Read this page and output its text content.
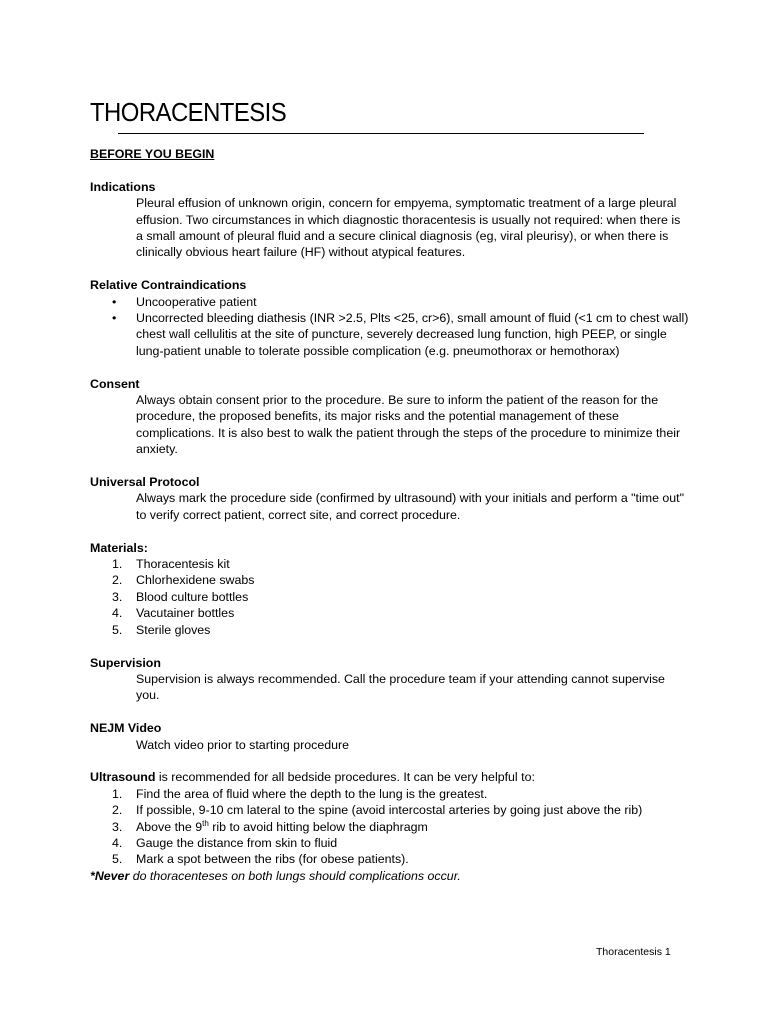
THORACENTESIS

BEFORE YOU BEGIN

Indications

Pleural effusion of unknown origin, concern for empyema, symptomatic treatment of a large pleural effusion. Two circumstances in which diagnostic thoracentesis is usually not required: when there is a small amount of pleural fluid and a secure clinical diagnosis (eg, viral pleurisy), or when there is clinically obvious heart failure (HF) without atypical features.

Relative Contraindications

• Uncooperative patient
• Uncorrected bleeding diathesis (INR >2.5, Plts <25, cr>6), small amount of fluid (<1 cm to chest wall) chest wall cellulitis at the site of puncture, severely decreased lung function, high PEEP, or single lung-patient unable to tolerate possible complication (e.g. pneumothorax or hemothorax)

Consent

Always obtain consent prior to the procedure. Be sure to inform the patient of the reason for the procedure, the proposed benefits, its major risks and the potential management of these complications. It is also best to walk the patient through the steps of the procedure to minimize their anxiety.

Universal Protocol

Always mark the procedure side (confirmed by ultrasound) with your initials and perform a "time out" to verify correct patient, correct site, and correct procedure.

Materials:

1.	Thoracentesis kit
2.	Chlorhexidene swabs
3.	Blood culture bottles
4.	Vacutainer bottles
5.	Sterile gloves

Supervision

Supervision is always recommended. Call the procedure team if your attending cannot supervise you.

NEJM Video

Watch video prior to starting procedure

Ultrasound is recommended for all bedside procedures. It can be very helpful to:

1.	Find the area of fluid where the depth to the lung is the greatest.
2.	If possible, 9-10 cm lateral to the spine (avoid intercostal arteries by going just above the rib)
3.	Above the 9th rib to avoid hitting below the diaphragm
4.	Gauge the distance from skin to fluid
5.	Mark a spot between the ribs (for obese patients).

*Never do thoracenteses on both lungs should complications occur.

Thoracentesis 1
